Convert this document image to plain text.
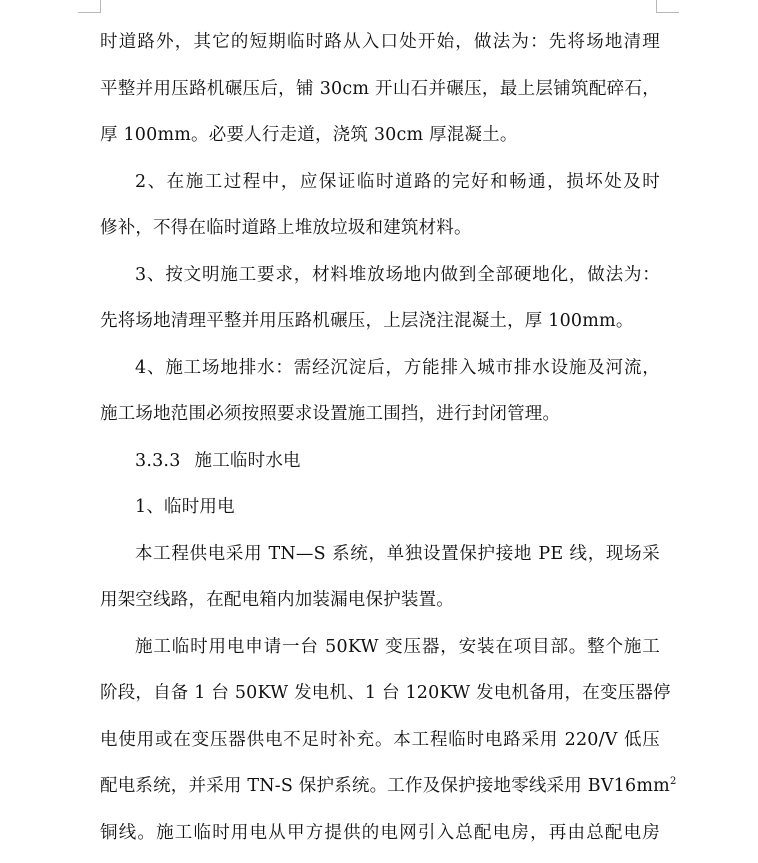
时道路外，其它的短期临时路从入口处开始，做法为：先将场地清理
平整并用压路机碾压后，铺 30cm 开山石并碾压，最上层铺筑配碎石，
厚 100mm。必要人行走道，浇筑 30cm 厚混凝土。
2、在施工过程中，应保证临时道路的完好和畅通，损坏处及时
修补，不得在临时道路上堆放垃圾和建筑材料。
3、按文明施工要求，材料堆放场地内做到全部硬地化，做法为：
先将场地清理平整并用压路机碾压，上层浇注混凝土，厚 100mm。
4、施工场地排水：需经沉淀后，方能排入城市排水设施及河流，
施工场地范围必须按照要求设置施工围挡，进行封闭管理。
3.3.3 施工临时水电
1、临时用电
本工程供电采用 TN—S 系统，单独设置保护接地 PE 线，现场采
用架空线路，在配电箱内加装漏电保护装置。
施工临时用电申请一台 50KW 变压器，安装在项目部。整个施工
阶段，自备 1 台 50KW 发电机、1 台 120KW 发电机备用，在变压器停
电使用或在变压器供电不足时补充。本工程临时电路采用 220/V 低压
配电系统，并采用 TN-S 保护系统。工作及保护接地零线采用 $BV16mm^2$
铜线。施工临时用电从甲方提供的电网引入总配电房，再由总配电房
